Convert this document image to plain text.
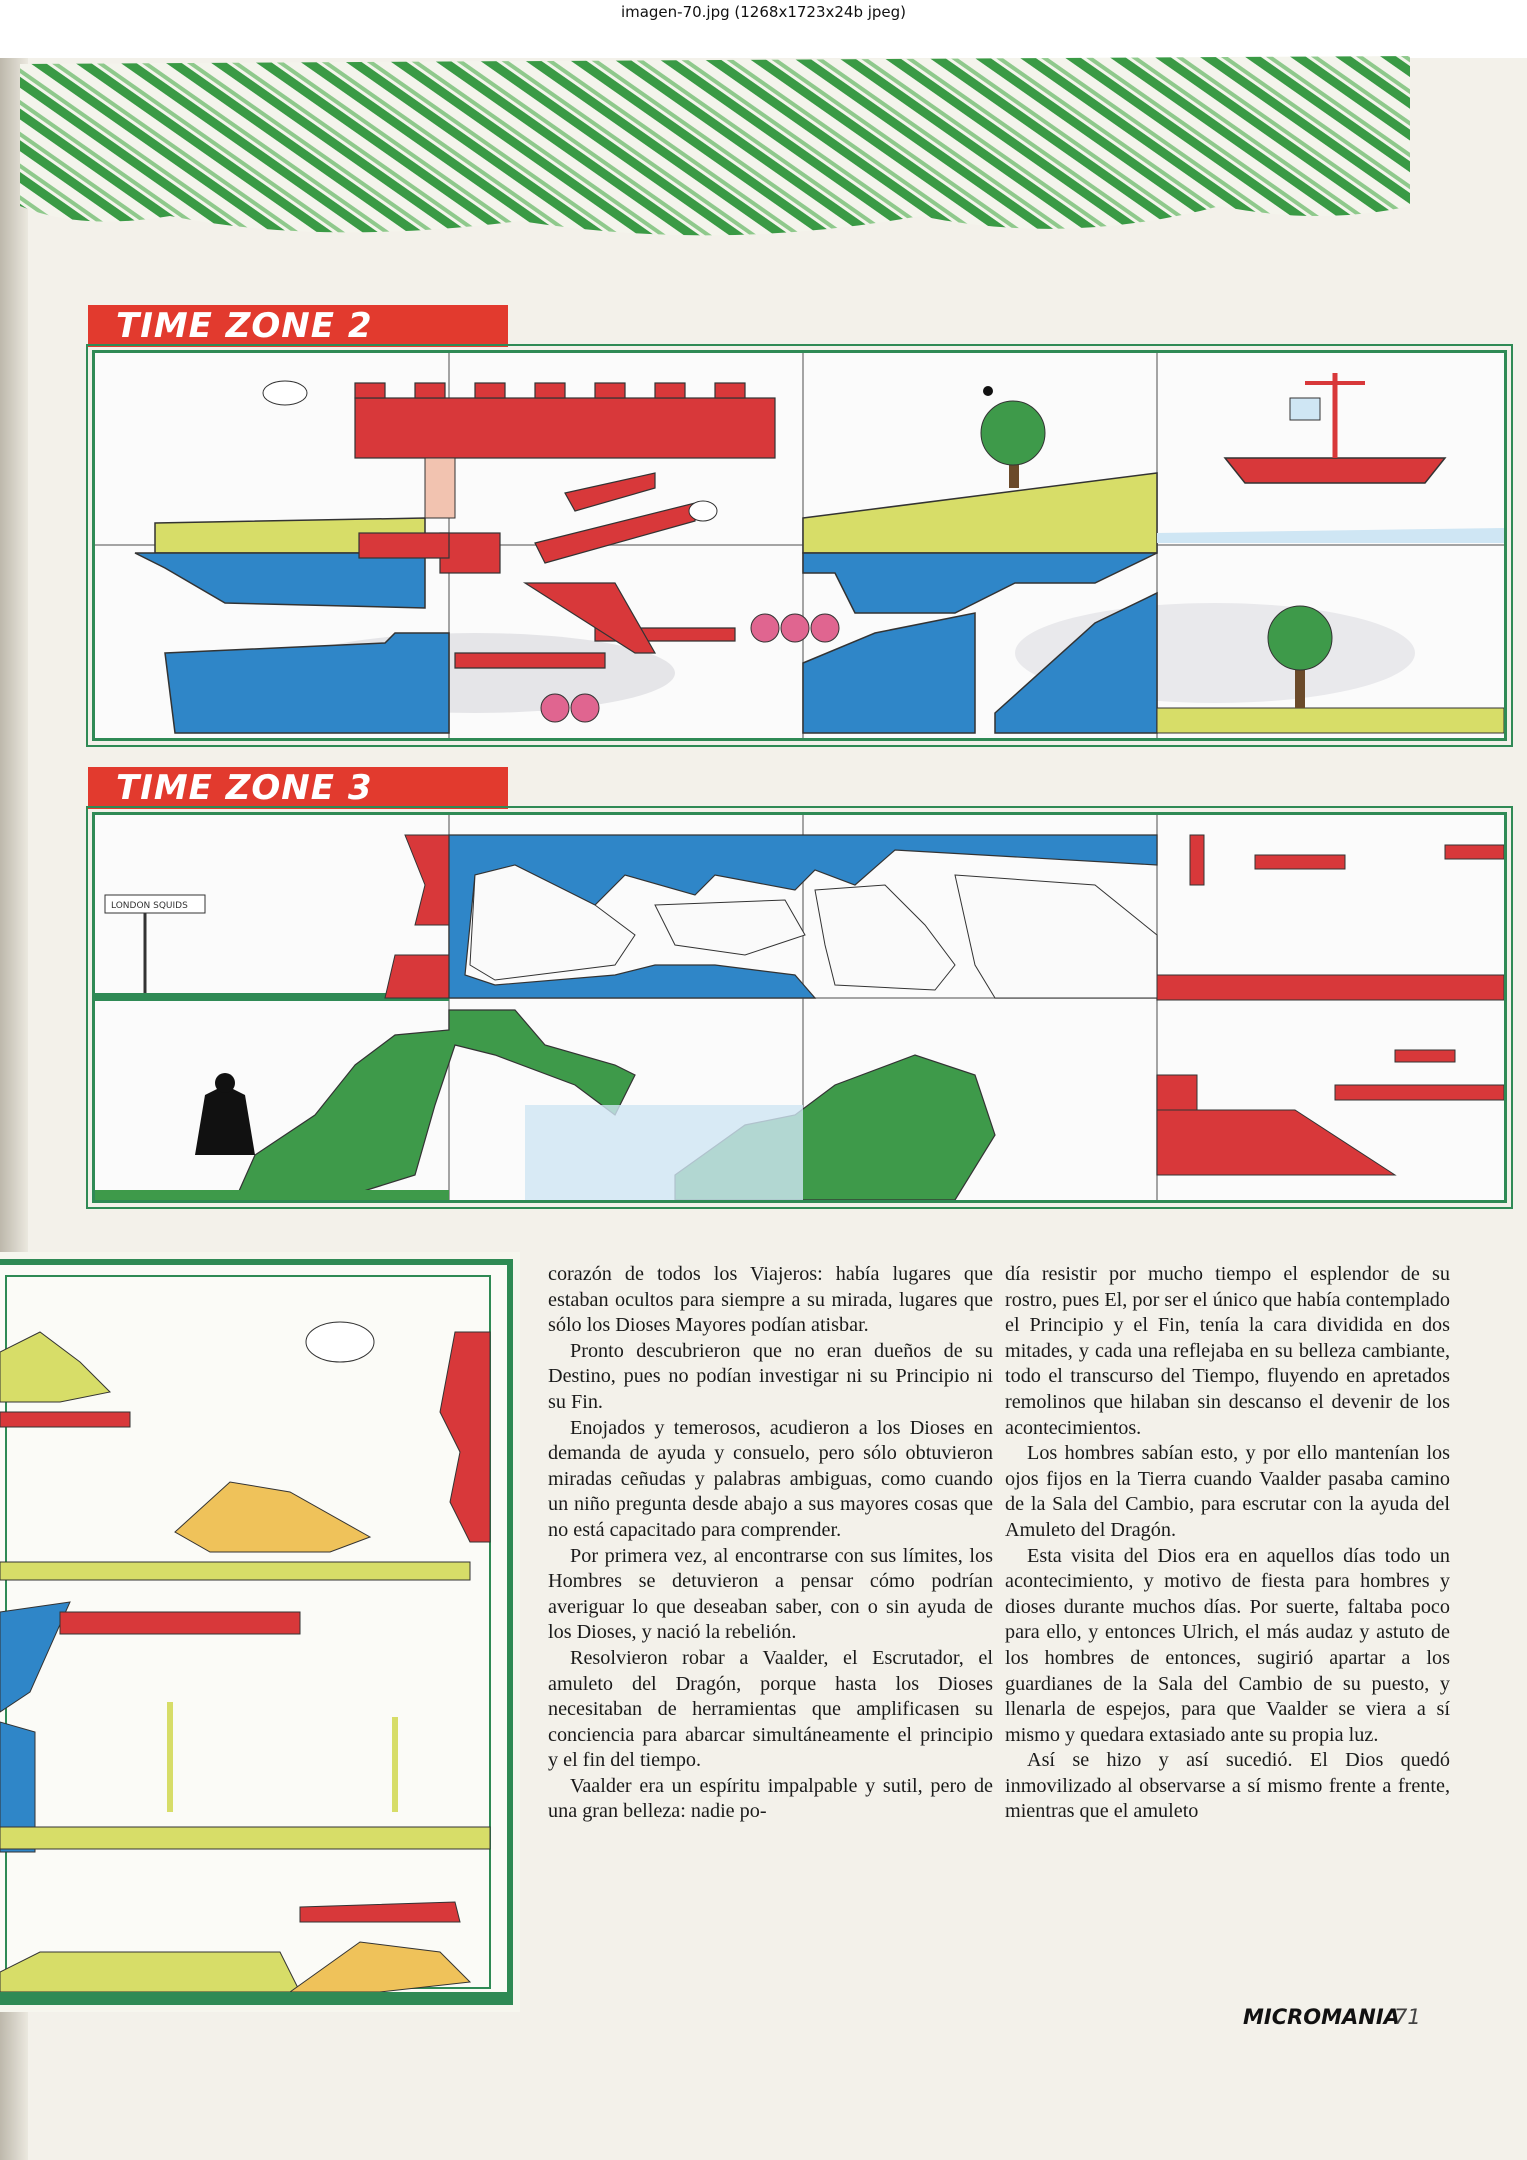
imagen-70.jpg (1268x1723x24b jpeg)
TIME ZONE 2
TIME ZONE 3
LONDON SQUIDS

corazón de todos los Viajeros: había lugares que estaban ocultos para siempre a su mirada, lugares que sólo los Dioses Mayores podían atisbar.

Pronto descubrieron que no eran dueños de su Destino, pues no podían investigar ni su Principio ni su Fin.

Enojados y temerosos, acudieron a los Dioses en demanda de ayuda y consuelo, pero sólo obtuvieron miradas ceñudas y palabras ambiguas, como cuando un niño pregunta desde abajo a sus mayores cosas que no está capacitado para comprender.

Por primera vez, al encontrarse con sus límites, los Hombres se detuvieron a pensar cómo podrían averiguar lo que deseaban saber, con o sin ayuda de los Dioses, y nació la rebelión.

Resolvieron robar a Vaalder, el Escrutador, el amuleto del Dragón, porque hasta los Dioses necesitaban de herramientas que amplificasen su conciencia para abarcar simultáneamente el principio y el fin del tiempo.

Vaalder era un espíritu impalpable y sutil, pero de una gran belleza: nadie po-

día resistir por mucho tiempo el esplendor de su rostro, pues El, por ser el único que había contemplado el Principio y el Fin, tenía la cara dividida en dos mitades, y cada una reflejaba en su belleza cambiante, todo el transcurso del Tiempo, fluyendo en apretados remolinos que hilaban sin descanso el devenir de los acontecimientos.

Los hombres sabían esto, y por ello mantenían los ojos fijos en la Tierra cuando Vaalder pasaba camino de la Sala del Cambio, para escrutar con la ayuda del Amuleto del Dragón.

Esta visita del Dios era en aquellos días todo un acontecimiento, y motivo de fiesta para hombres y dioses durante muchos días. Por suerte, faltaba poco para ello, y entonces Ulrich, el más audaz y astuto de los hombres de entonces, sugirió apartar a los guardianes de la Sala del Cambio de su puesto, y llenarla de espejos, para que Vaalder se viera a sí mismo y quedara extasiado ante su propia luz.

Así se hizo y así sucedió. El Dios quedó inmovilizado al observarse a sí mismo frente a frente, mientras que el amuleto

MICROMANIA
71
